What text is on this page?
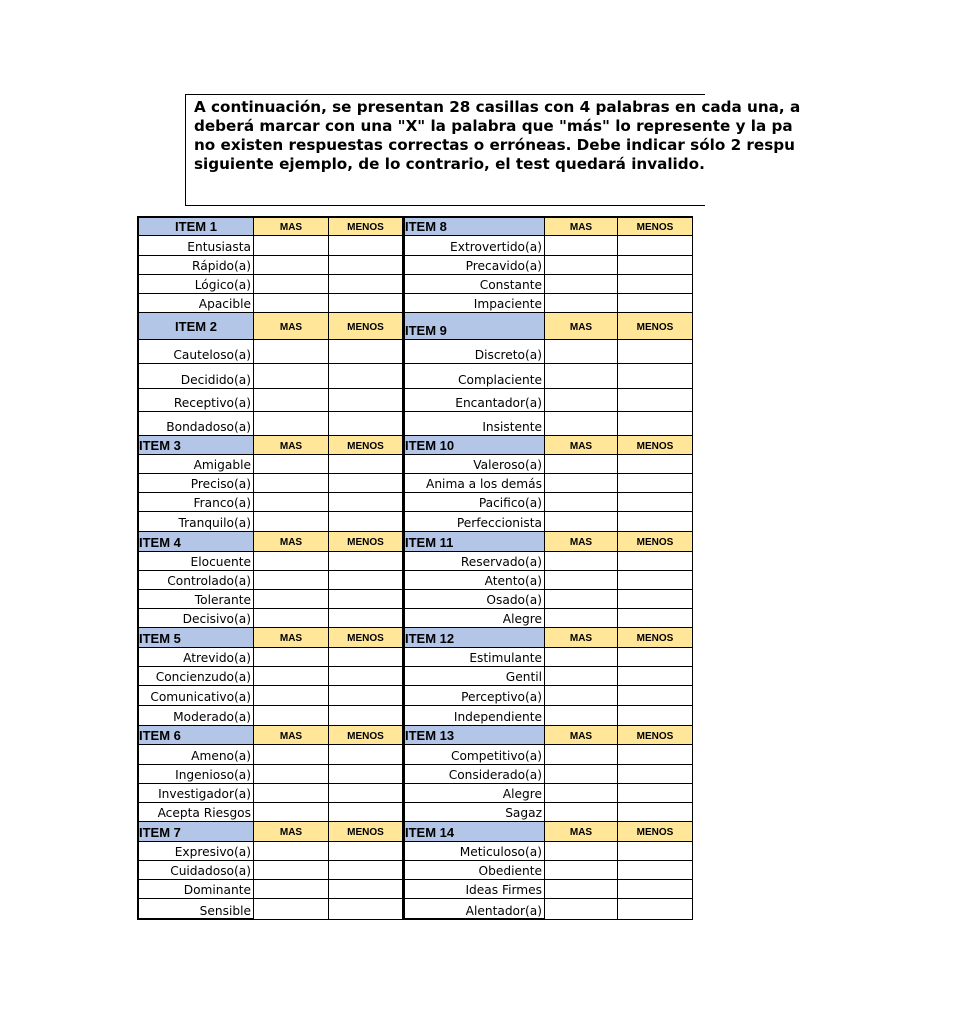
A continuación, se presentan 28 casillas con 4 palabras en cada una, a
deberá marcar con una "X" la palabra que "más" lo represente y la pa
no existen respuestas correctas o erróneas. Debe indicar sólo 2 respu
siguiente ejemplo, de lo contrario, el test quedará invalido.
ITEM 1	MAS	MENOS
Entusiasta
Rápido(a)
Lógico(a)
Apacible
ITEM 8	MAS	MENOS
Extrovertido(a)
Precavido(a)
Constante
Impaciente
ITEM 2	MAS	MENOS
Cauteloso(a)
Decidido(a)
Receptivo(a)
Bondadoso(a)
ITEM 9	MAS	MENOS
Discreto(a)
Complaciente
Encantador(a)
Insistente
ITEM 3	MAS	MENOS
Amigable
Preciso(a)
Franco(a)
Tranquilo(a)
ITEM 10	MAS	MENOS
Valeroso(a)
Anima a los demás
Pacifico(a)
Perfeccionista
ITEM 4	MAS	MENOS
Elocuente
Controlado(a)
Tolerante
Decisivo(a)
ITEM 11	MAS	MENOS
Reservado(a)
Atento(a)
Osado(a)
Alegre
ITEM 5	MAS	MENOS
Atrevido(a)
Concienzudo(a)
Comunicativo(a)
Moderado(a)
ITEM 12	MAS	MENOS
Estimulante
Gentil
Perceptivo(a)
Independiente
ITEM 6	MAS	MENOS
Ameno(a)
Ingenioso(a)
Investigador(a)
Acepta Riesgos
ITEM 13	MAS	MENOS
Competitivo(a)
Considerado(a)
Alegre
Sagaz
ITEM 7	MAS	MENOS
Expresivo(a)
Cuidadoso(a)
Dominante
Sensible
ITEM 14	MAS	MENOS
Meticuloso(a)
Obediente
Ideas Firmes
Alentador(a)
